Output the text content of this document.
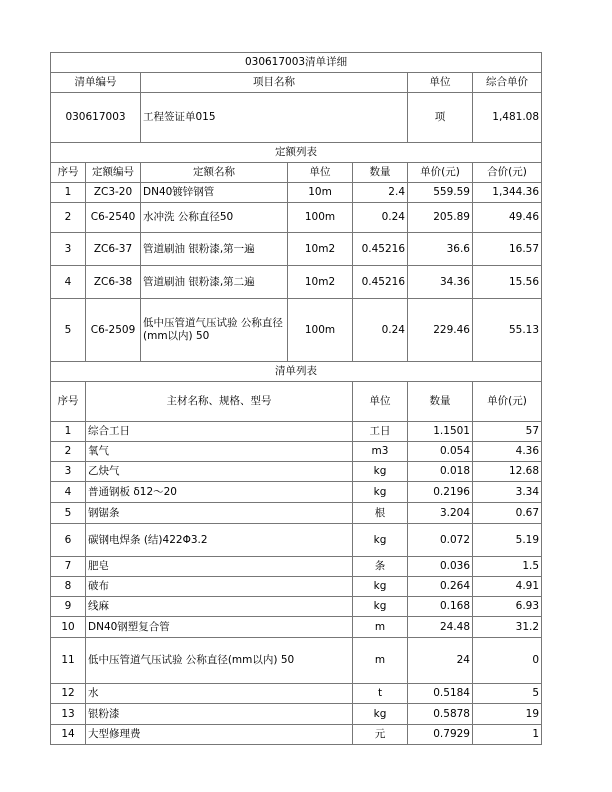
030617003清单详细							
清单编号		项目名称			单位	综合单价	
030617003		工程签证单015			项	1,481.08	
定额列表							
序号	定额编号	定额名称	单位	数量	单价(元)	合价(元)	
1	ZC3-20	DN40镀锌钢管	10m	2.4	559.59	1,344.36	
2	C6-2540	水冲洗 公称直径50	100m	0.24	205.89	49.46	
3	ZC6-37	管道刷油 银粉漆,第一遍	10m2	0.45216	36.6	16.57	
4	ZC6-38	管道刷油 银粉漆,第二遍	10m2	0.45216	34.36	15.56	
5	C6-2509	低中压管道气压试验 公称直径(mm以内) 50	100m	0.24	229.46	55.13	
清单列表							
序号	主材名称、规格、型号			单位	数量	单价(元)	
1	综合工日			工日	1.1501	57	
2	氧气			m3	0.054	4.36	
3	乙炔气			kg	0.018	12.68	
4	普通钢板 δ12～20			kg	0.2196	3.34	
5	钢锯条			根	3.204	0.67	
6	碳钢电焊条 (结)422Φ3.2			kg	0.072	5.19	
7	肥皂			条	0.036	1.5	
8	破布			kg	0.264	4.91	
9	线麻			kg	0.168	6.93	
10	DN40钢塑复合管			m	24.48	31.2	
11	低中压管道气压试验 公称直径(mm以内) 50			m	24	0	
12	水			t	0.5184	5	
13	银粉漆			kg	0.5878	19	
14	大型修理费			元	0.7929	1	
